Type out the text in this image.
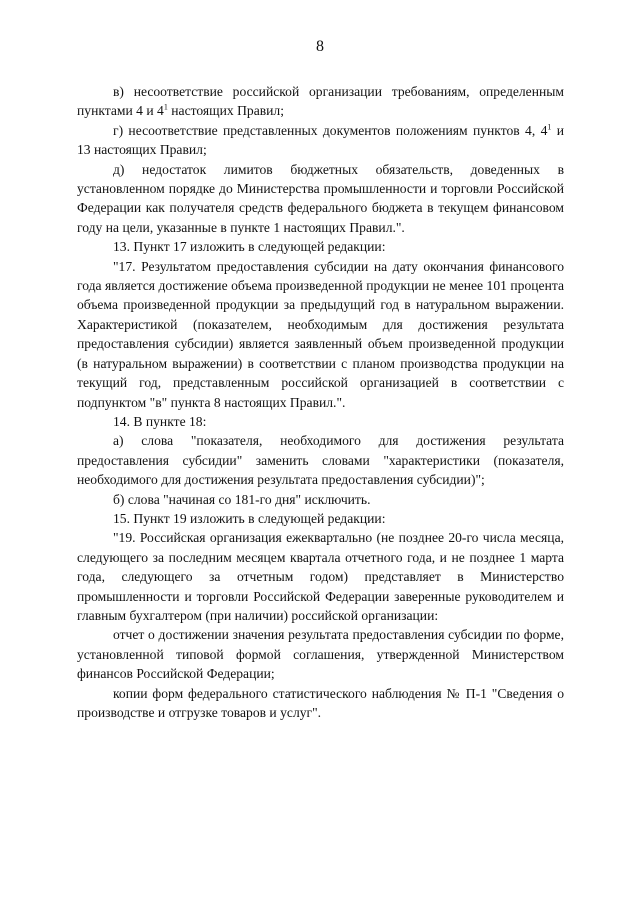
8

в) несоответствие российской организации требованиям, определенным пунктами 4 и $4^1$ настоящих Правил;

г) несоответствие представленных документов положениям пунктов 4, $4^1$ и 13 настоящих Правил;

д) недостаток лимитов бюджетных обязательств, доведенных в установленном порядке до Министерства промышленности и торговли Российской Федерации как получателя средств федерального бюджета в текущем финансовом году на цели, указанные в пункте 1 настоящих Правил.".

13. Пункт 17 изложить в следующей редакции:

"17. Результатом предоставления субсидии на дату окончания финансового года является достижение объема произведенной продукции не менее 101 процента объема произведенной продукции за предыдущий год в натуральном выражении. Характеристикой (показателем, необходимым для достижения результата предоставления субсидии) является заявленный объем произведенной продукции (в натуральном выражении) в соответствии с планом производства продукции на текущий год, представленным российской организацией в соответствии с подпунктом "в" пункта 8 настоящих Правил.".

14. В пункте 18:

а) слова "показателя, необходимого для достижения результата предоставления субсидии" заменить словами "характеристики (показателя, необходимого для достижения результата предоставления субсидии)";

б) слова "начиная со 181-го дня" исключить.

15. Пункт 19 изложить в следующей редакции:

"19. Российская организация ежеквартально (не позднее 20-го числа месяца, следующего за последним месяцем квартала отчетного года, и не позднее 1 марта года, следующего за отчетным годом) представляет в Министерство промышленности и торговли Российской Федерации заверенные руководителем и главным бухгалтером (при наличии) российской организации:

отчет о достижении значения результата предоставления субсидии по форме, установленной типовой формой соглашения, утвержденной Министерством финансов Российской Федерации;

копии форм федерального статистического наблюдения № П-1 "Сведения о производстве и отгрузке товаров и услуг".
